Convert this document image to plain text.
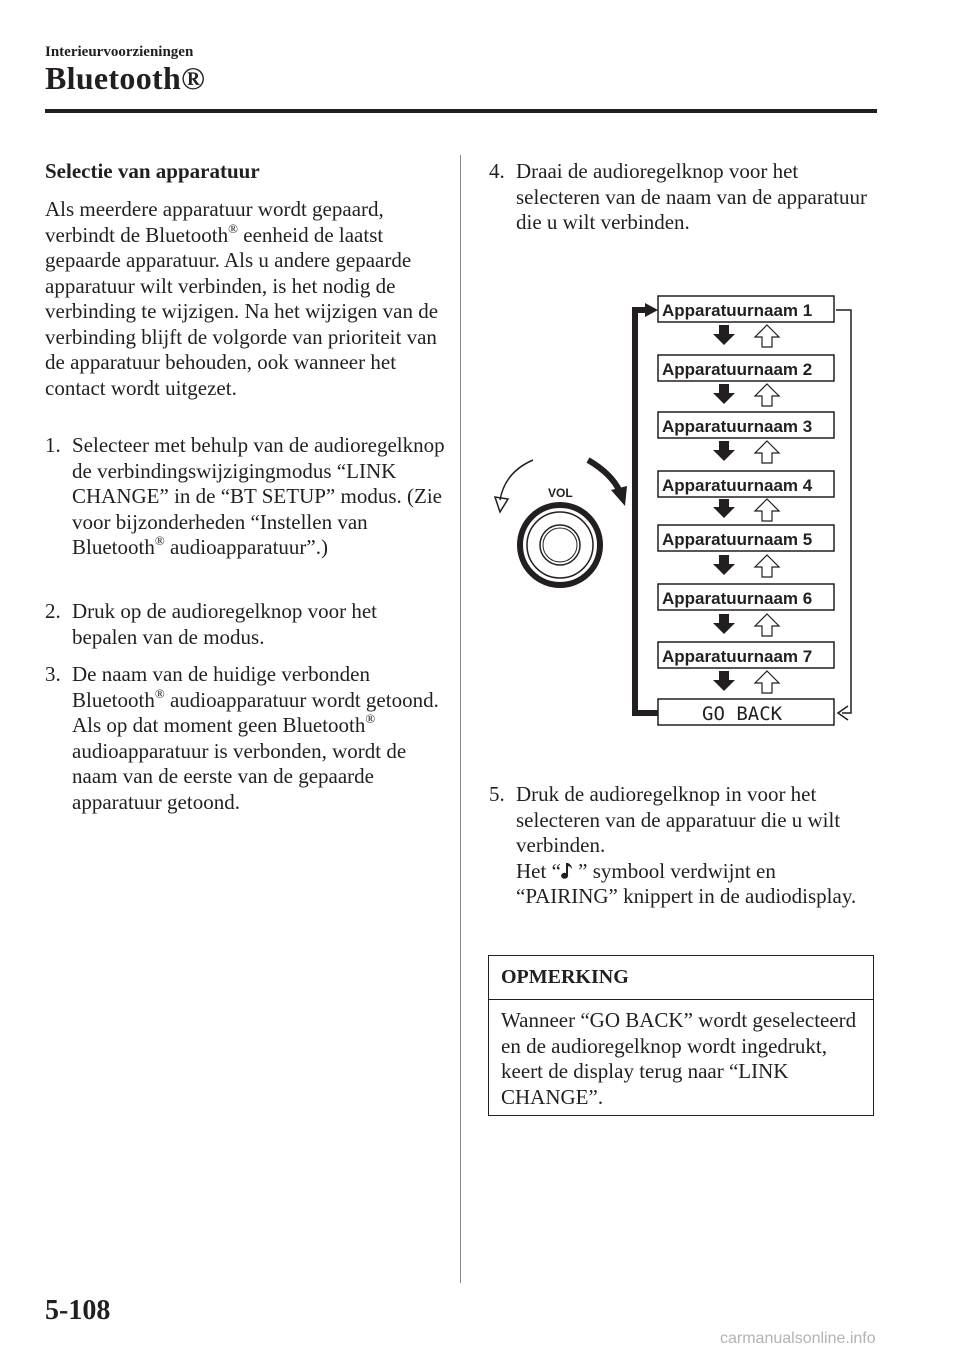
Interieurvoorzieningen
Bluetooth®
Selectie van apparatuur
Als meerdere apparatuur wordt gepaard, verbindt de Bluetooth® eenheid de laatst gepaarde apparatuur. Als u andere gepaarde apparatuur wilt verbinden, is het nodig de verbinding te wijzigen. Na het wijzigen van de verbinding blijft de volgorde van prioriteit van de apparatuur behouden, ook wanneer het contact wordt uitgezet.
1. Selecteer met behulp van de audioregelknop de verbindingswijzigingmodus “LINK CHANGE” in de “BT SETUP” modus. (Zie voor bijzonderheden “Instellen van Bluetooth® audioapparatuur”.)
2. Druk op de audioregelknop voor het bepalen van de modus.
3. De naam van de huidige verbonden Bluetooth® audioapparatuur wordt getoond.
Als op dat moment geen Bluetooth® audioapparatuur is verbonden, wordt de naam van de eerste van de gepaarde apparatuur getoond.
4. Draai de audioregelknop voor het selecteren van de naam van de apparatuur die u wilt verbinden.
VOL
Apparatuurnaam 1
Apparatuurnaam 2
Apparatuurnaam 3
Apparatuurnaam 4
Apparatuurnaam 5
Apparatuurnaam 6
Apparatuurnaam 7
GO BACK
5. Druk de audioregelknop in voor het selecteren van de apparatuur die u wilt verbinden.
Het “ ” symbool verdwijnt en
“PAIRING” knippert in de audiodisplay.
OPMERKING
Wanneer “GO BACK” wordt geselecteerd en de audioregelknop wordt ingedrukt, keert de display terug naar “LINK CHANGE”.
5-108
carmanualsonline.info
